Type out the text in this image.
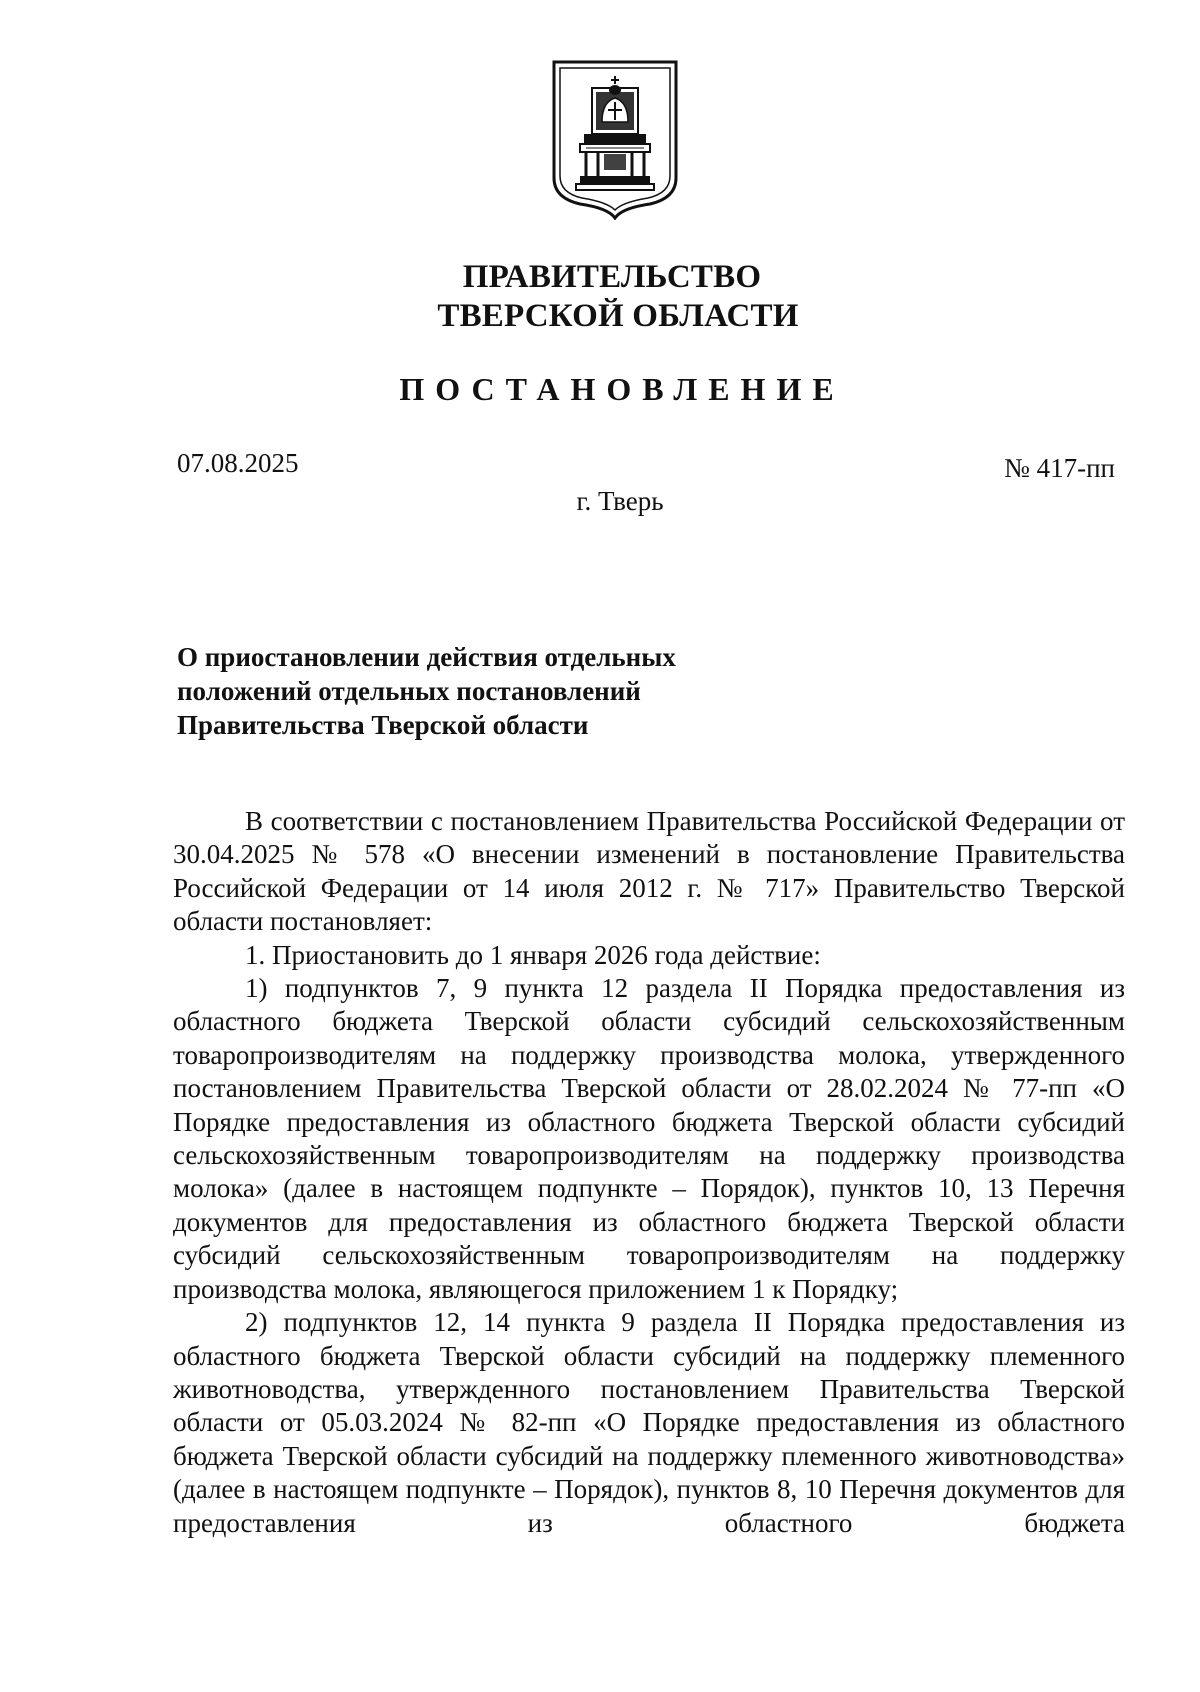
ПРАВИТЕЛЬСТВО
ТВЕРСКОЙ ОБЛАСТИ
ПОСТАНОВЛЕНИЕ
07.08.2025	№ 417-пп
г. Тверь
О приостановлении действия отдельных
положений отдельных постановлений
Правительства Тверской области

В соответствии с постановлением Правительства Российской Федерации от 30.04.2025 № 578 «О внесении изменений в постановление Правительства Российской Федерации от 14 июля 2012 г. № 717» Правительство Тверской области постановляет:

1. Приостановить до 1 января 2026 года действие:

1) подпунктов 7, 9 пункта 12 раздела II Порядка предоставления из областного бюджета Тверской области субсидий сельскохозяйственным товаропроизводителям на поддержку производства молока, утвержденного постановлением Правительства Тверской области от 28.02.2024 № 77-пп «О Порядке предоставления из областного бюджета Тверской области субсидий сельскохозяйственным товаропроизводителям на поддержку производства молока» (далее в настоящем подпункте – Порядок), пунктов 10, 13 Перечня документов для предоставления из областного бюджета Тверской области субсидий сельскохозяйственным товаропроизводителям на поддержку производства молока, являющегося приложением 1 к Порядку;

2) подпунктов 12, 14 пункта 9 раздела II Порядка предоставления из областного бюджета Тверской области субсидий на поддержку племенного животноводства, утвержденного постановлением Правительства Тверской области от 05.03.2024 № 82-пп «О Порядке предоставления из областного бюджета Тверской области субсидий на поддержку племенного животноводства» (далее в настоящем подпункте – Порядок), пунктов 8, 10 Перечня документов для предоставления из областного бюджета
